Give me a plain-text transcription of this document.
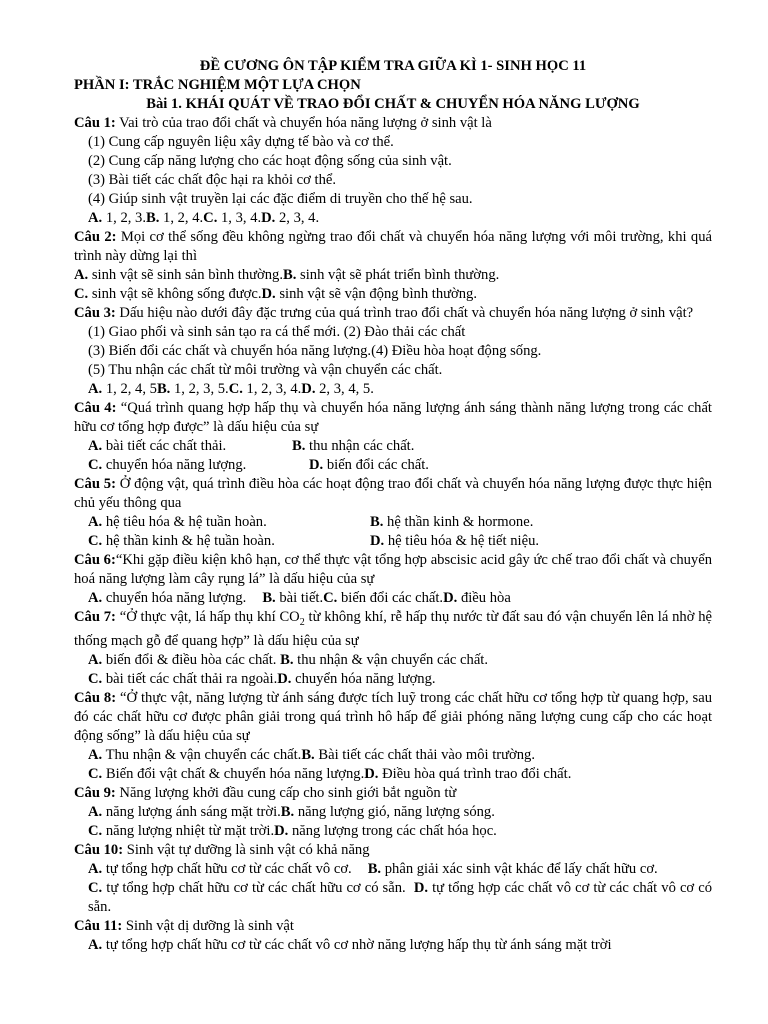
ĐỀ CƯƠNG ÔN TẬP KIỂM TRA GIỮA KÌ 1- SINH HỌC 11

PHẦN I: TRẮC NGHIỆM MỘT LỰA CHỌN

Bài 1. KHÁI QUÁT VỀ TRAO ĐỔI CHẤT & CHUYỂN HÓA NĂNG LƯỢNG

Câu 1: Vai trò của trao đổi chất và chuyển hóa năng lượng ở sinh vật là

(1) Cung cấp nguyên liệu xây dựng tế bào và cơ thể.

(2) Cung cấp năng lượng cho các hoạt động sống của sinh vật.

(3) Bài tiết các chất độc hại ra khỏi cơ thể.

(4) Giúp sinh vật truyền lại các đặc điểm di truyền cho thế hệ sau.

A. 1, 2, 3.B. 1, 2, 4.C. 1, 3, 4.D. 2, 3, 4.

Câu 2: Mọi cơ thể sống đều không ngừng trao đổi chất và chuyển hóa năng lượng với môi trường, khi quá trình này dừng lại thì

A. sinh vật sẽ sinh sản bình thường.B. sinh vật sẽ phát triển bình thường.

C. sinh vật sẽ không sống được.D. sinh vật sẽ vận động bình thường.

Câu 3: Dấu hiệu nào dưới đây đặc trưng của quá trình trao đổi chất và chuyển hóa năng lượng ở sinh vật?

(1) Giao phối và sinh sản tạo ra cá thể mới. (2) Đào thải các chất

(3) Biến đổi các chất và chuyển hóa năng lượng.(4) Điều hòa hoạt động sống.

(5) Thu nhận các chất từ môi trường và vận chuyển các chất.

A. 1, 2, 4, 5B. 1, 2, 3, 5.C. 1, 2, 3, 4.D. 2, 3, 4, 5.

Câu 4: “Quá trình quang hợp hấp thụ và chuyển hóa năng lượng ánh sáng thành năng lượng trong các chất hữu cơ tổng hợp được” là dấu hiệu của sự

A. bài tiết các chất thải.	B. thu nhận các chất.
C. chuyển hóa năng lượng.	D. biến đổi các chất.

Câu 5: Ở động vật, quá trình điều hòa các hoạt động trao đổi chất và chuyển hóa năng lượng được thực hiện chủ yếu thông qua

A. hệ tiêu hóa & hệ tuần hoàn.	B. hệ thần kinh & hormone.
C. hệ thần kinh & hệ tuần hoàn.	D. hệ tiêu hóa & hệ tiết niệu.

Câu 6:“Khi gặp điều kiện khô hạn, cơ thể thực vật tổng hợp abscisic acid gây ức chế trao đổi chất và chuyển hoá năng lượng làm cây rụng lá” là dấu hiệu của sự

A. chuyển hóa năng lượng. B. bài tiết.C. biến đổi các chất.D. điều hòa

Câu 7: “Ở thực vật, lá hấp thụ khí $CO_2$ từ không khí, rễ hấp thụ nước từ đất sau đó vận chuyển lên lá nhờ hệ thống mạch gỗ để quang hợp” là dấu hiệu của sự

A. biến đổi & điều hòa các chất. B. thu nhận & vận chuyển các chất.

C. bài tiết các chất thải ra ngoài.D. chuyển hóa năng lượng.

Câu 8: “Ở thực vật, năng lượng từ ánh sáng được tích luỹ trong các chất hữu cơ tổng hợp từ quang hợp, sau đó các chất hữu cơ được phân giải trong quá trình hô hấp để giải phóng năng lượng cung cấp cho các hoạt động sống” là dấu hiệu của sự

A. Thu nhận & vận chuyển các chất.B. Bài tiết các chất thải vào môi trường.

C. Biến đổi vật chất & chuyển hóa năng lượng.D. Điều hòa quá trình trao đổi chất.

Câu 9: Năng lượng khởi đầu cung cấp cho sinh giới bắt nguồn từ

A. năng lượng ánh sáng mặt trời.B. năng lượng gió, năng lượng sóng.

C. năng lượng nhiệt từ mặt trời.D. năng lượng trong các chất hóa học.

Câu 10: Sinh vật tự dưỡng là sinh vật có khả năng

A. tự tổng hợp chất hữu cơ từ các chất vô cơ. B. phân giải xác sinh vật khác để lấy chất hữu cơ.

C. tự tổng hợp chất hữu cơ từ các chất hữu cơ có sẵn. D. tự tổng hợp các chất vô cơ từ các chất vô cơ có sẵn.

Câu 11: Sinh vật dị dưỡng là sinh vật

A. tự tổng hợp chất hữu cơ từ các chất vô cơ nhờ năng lượng hấp thụ từ ánh sáng mặt trời
